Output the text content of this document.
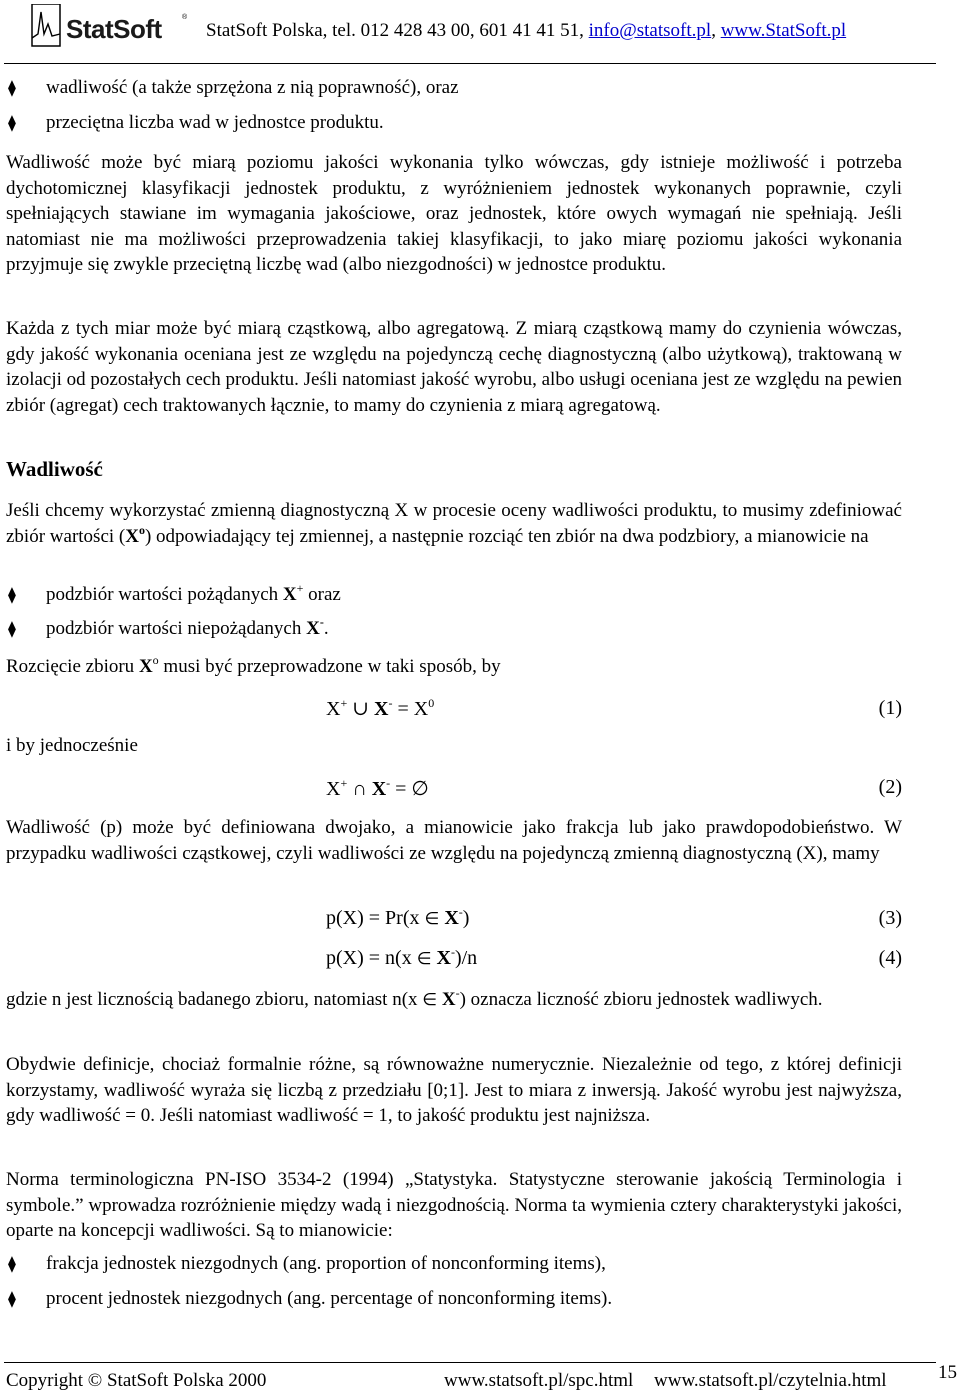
StatSoft	®
StatSoft Polska, tel. 012 428 43 00, 601 41 41 51, info@statsoft.pl, www.StatSoft.pl
⧫ wadliwość (a także sprzężona z nią poprawność), oraz
⧫ przeciętna liczba wad w jednostce produktu.

Wadliwość może być miarą poziomu jakości wykonania tylko wówczas, gdy istnieje możliwość i potrzeba dychotomicznej klasyfikacji jednostek produktu, z wyróżnieniem jednostek wykonanych poprawnie, czyli spełniających stawiane im wymagania jakościowe, oraz jednostek, które owych wymagań nie spełniają. Jeśli natomiast nie ma możliwości przeprowadzenia takiej klasyfikacji, to jako miarę poziomu jakości wykonania przyjmuje się zwykle przeciętną liczbę wad (albo niezgodności) w jednostce produktu.

Każda z tych miar może być miarą cząstkową, albo agregatową. Z miarą cząstkową mamy do czynienia wówczas, gdy jakość wykonania oceniana jest ze względu na pojedynczą cechę diagnostyczną (albo użytkową), traktowaną w izolacji od pozostałych cech produktu. Jeśli natomiast jakość wyrobu, albo usługi oceniana jest ze względu na pewien zbiór (agregat) cech traktowanych łącznie, to mamy do czynienia z miarą agregatową.

Wadliwość

Jeśli chcemy wykorzystać zmienną diagnostyczną X w procesie oceny wadliwości produktu, to musimy zdefiniować zbiór wartości $(X^o)$ odpowiadający tej zmiennej, a następnie rozciąć ten zbiór na dwa podzbiory, a mianowicie na

⧫ podzbiór wartości pożądanych X+ oraz
⧫ podzbiór wartości niepożądanych X-.
Rozcięcie zbioru $X^o$ musi być przeprowadzone w taki sposób, by
X+ ∪ $X^- = X^0$	(1)
i by jednocześnie
X+ ∩ X- = ∅	(2)

Wadliwość (p) może być definiowana dwojako, a mianowicie jako frakcja lub jako prawdopodobieństwo. W przypadku wadliwości cząstkowej, czyli wadliwości ze względu na pojedynczą zmienną diagnostyczną (X), mamy

p(X) = Pr(x ∈ X-)	(3)
p(X) = n(x ∈ X-)/n	(4)

gdzie n jest licznością badanego zbioru, natomiast n(x ∈ X-) oznacza liczność zbioru jednostek wadliwych.

Obydwie definicje, chociaż formalnie różne, są równoważne numerycznie. Niezależnie od tego, z której definicji korzystamy, wadliwość wyraża się liczbą z przedziału [0;1]. Jest to miara z inwersją. Jakość wyrobu jest najwyższa, gdy wadliwość = 0. Jeśli natomiast wadliwość = 1, to jakość produktu jest najniższa.

Norma terminologiczna PN-ISO 3534-2 (1994) „Statystyka. Statystyczne sterowanie jakością Terminologia i symbole.” wprowadza rozróżnienie między wadą i niezgodnością. Norma ta wymienia cztery charakterystyki jakości, oparte na koncepcji wadliwości. Są to mianowicie:

⧫ frakcja jednostek niezgodnych (ang. proportion of nonconforming items),
⧫ procent jednostek niezgodnych (ang. percentage of nonconforming items).
Copyright © StatSoft Polska 2000	www.statsoft.pl/spc.html www.statsoft.pl/czytelnia.html	15
